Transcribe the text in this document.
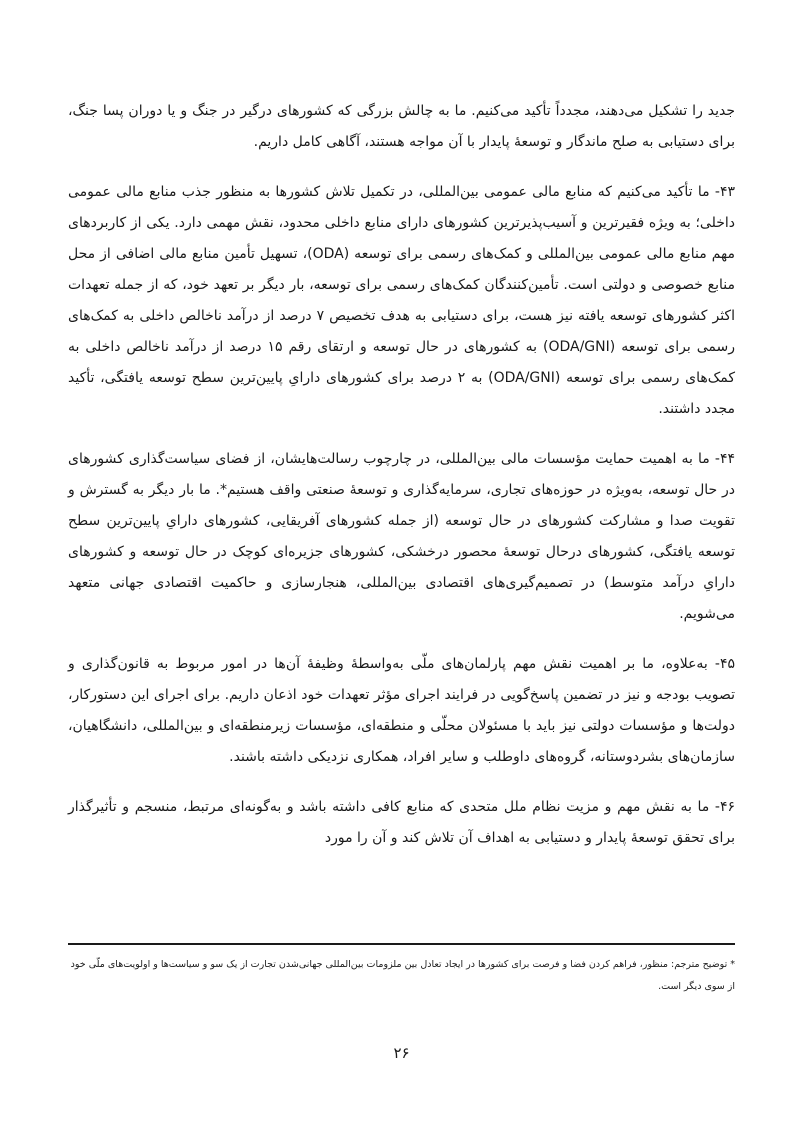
جدید را تشکیل می‌دهند، مجدداً تأکید می‌کنیم. ما به چالش بزرگی که کشورهای درگیر در جنگ و یا دوران پسا جنگ، برای دستیابی به صلح ماندگار و توسعهٔ پایدار با آن مواجه هستند، آگاهی کامل داریم.

۴۳- ما تأکید می‌کنیم که منابع مالی عمومی بین‌المللی، در تکمیل تلاش کشورها به منظور جذب منابع مالی عمومی داخلی؛ به ویژه فقیرترین و آسیب‌پذیرترین کشورهای دارای منابع داخلی محدود، نقش مهمی دارد. یکی از کاربردهای مهم منابع مالی عمومی بین‌المللی و کمک‌های رسمی برای توسعه (ODA)، تسهیل تأمین منابع مالی اضافی از محل منابع خصوصی و دولتی است. تأمین‌کنندگان کمک‌های رسمی برای توسعه، بار دیگر بر تعهد خود، که از جمله تعهدات اکثر کشورهای توسعه یافته نیز هست، برای دستیابی به هدف تخصیص ۷ درصد از درآمد ناخالص داخلی به کمک‌های رسمی برای توسعه (ODA/GNI) به کشورهای در حال توسعه و ارتقای رقم ۱۵ درصد از درآمد ناخالص داخلی به کمک‌های رسمی برای توسعه (ODA/GNI) به ۲ درصد برای کشورهای دارایِ پایین‌ترین سطح توسعه یافتگی، تأکید مجدد داشتند.

۴۴- ما به اهمیت حمایت مؤسسات مالی بین‌المللی، در چارچوب رسالت‌هایشان، از فضای سیاست‌گذاری کشورهای در حال توسعه، به‌ویژه در حوزه‌های تجاری، سرمایه‌گذاری و توسعهٔ صنعتی واقف هستیم*. ما بار دیگر به گسترش و تقویت صدا و مشارکت کشورهای در حال توسعه (از جمله کشورهای آفریقایی، کشورهای دارایِ پایین‌ترین سطح توسعه یافتگی، کشورهای درحال توسعهٔ محصور درخشکی، کشورهای جزیره‌ای کوچک در حال توسعه و کشورهای دارایِ درآمد متوسط) در تصمیم‌گیری‌های اقتصادی بین‌المللی، هنجارسازی و حاکمیت اقتصادی جهانی متعهد می‌شویم.

۴۵- به‌علاوه، ما بر اهمیت نقش مهم پارلمان‌های ملّی به‌واسطهٔ وظیفهٔ آن‌ها در امور مربوط به قانون‌گذاری و تصویب بودجه و نیز در تضمین پاسخ‌گویی در فرایند اجرای مؤثر تعهدات خود اذعان داریم. برای اجرای این دستورکار، دولت‌ها و مؤسسات دولتی نیز باید با مسئولان محلّی و منطقه‌ای، مؤسسات زیرمنطقه‌ای و بین‌المللی، دانشگاهیان، سازمان‌های بشردوستانه، گروه‌های داوطلب و سایر افراد، همکاری نزدیکی داشته باشند.

۴۶- ما به نقش مهم و مزیت نظام ملل متحدی که منابع کافی داشته باشد و به‌گونه‌ای مرتبط، منسجم و تأثیرگذار برای تحقق توسعهٔ پایدار و دستیابی به اهداف آن تلاش کند و آن را مورد

* توضیح مترجم: منظور، فراهم کردن فضا و فرصت برای کشورها در ایجاد تعادل بین ملزومات بین‌المللی جهانی‌شدن تجارت از یک سو و سیاست‌ها و اولویت‌های ملّی خود از سوی دیگر است.
۲۶
